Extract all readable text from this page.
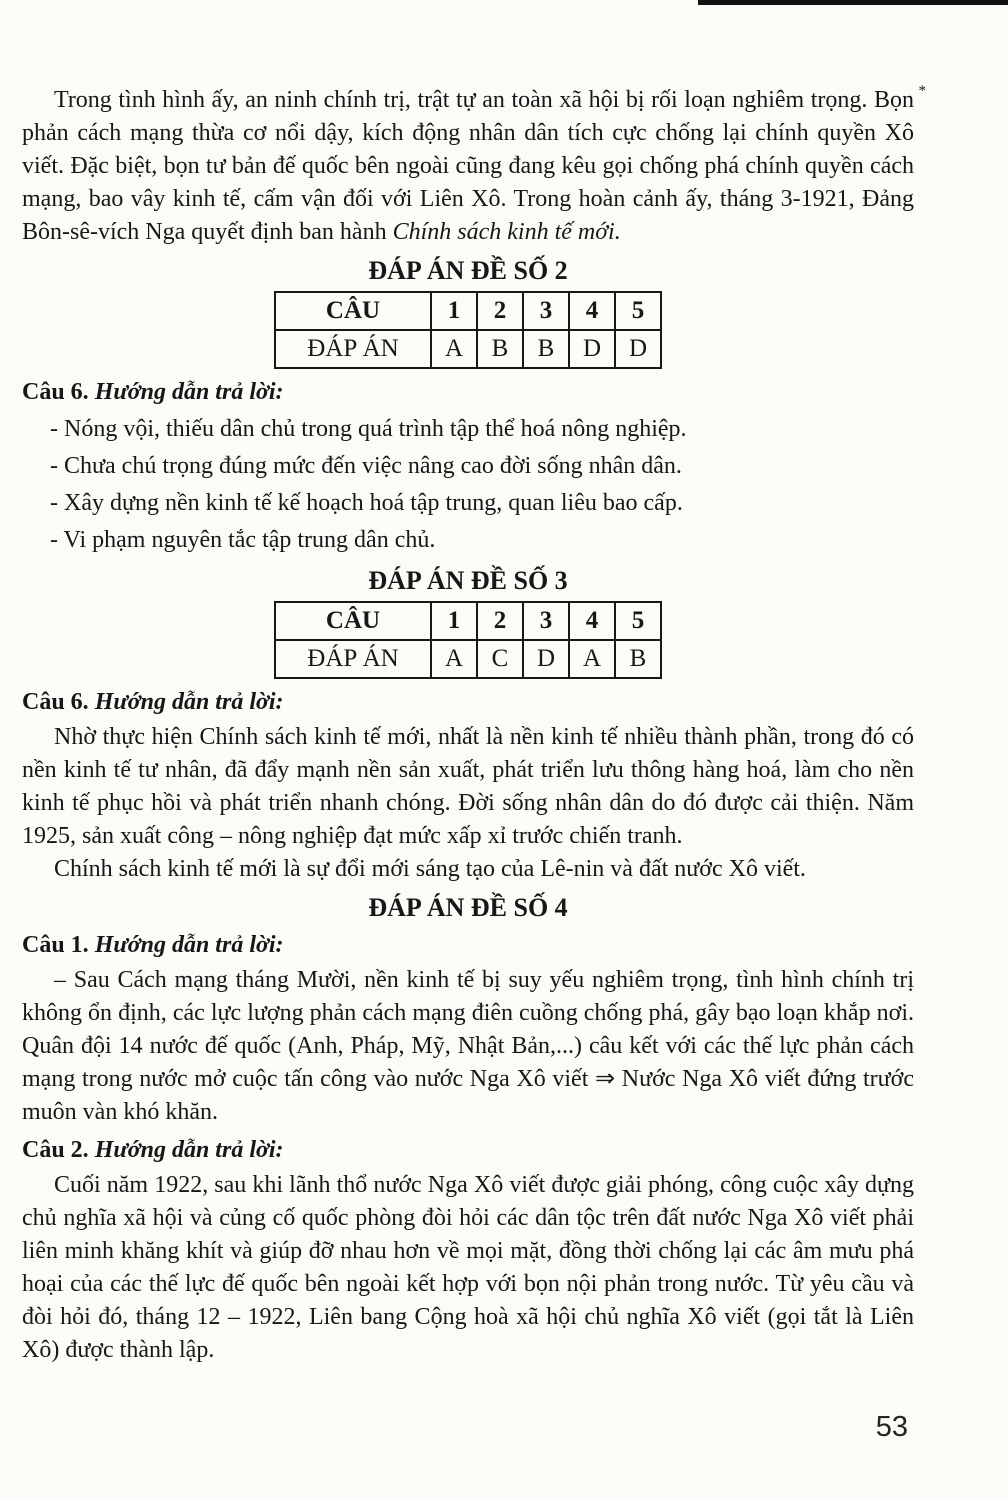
Trong tình hình ấy, an ninh chính trị, trật tự an toàn xã hội bị rối loạn nghiêm trọng. Bọn phản cách mạng thừa cơ nổi dậy, kích động nhân dân tích cực chống lại chính quyền Xô viết. Đặc biệt, bọn tư bản đế quốc bên ngoài cũng đang kêu gọi chống phá chính quyền cách mạng, bao vây kinh tế, cấm vận đối với Liên Xô. Trong hoàn cảnh ấy, tháng 3-1921, Đảng Bôn-sê-vích Nga quyết định ban hành Chính sách kinh tế mới.

*
ĐÁP ÁN ĐỀ SỐ 2
CÂU	1	2	3	4	5
ĐÁP ÁN	A	B	B	D	D

Câu 6. Hướng dẫn trả lời:

- Nóng vội, thiếu dân chủ trong quá trình tập thể hoá nông nghiệp.

- Chưa chú trọng đúng mức đến việc nâng cao đời sống nhân dân.

- Xây dựng nền kinh tế kế hoạch hoá tập trung, quan liêu bao cấp.

- Vi phạm nguyên tắc tập trung dân chủ.

ĐÁP ÁN ĐỀ SỐ 3
CÂU	1	2	3	4	5
ĐÁP ÁN	A	C	D	A	B

Câu 6. Hướng dẫn trả lời:

Nhờ thực hiện Chính sách kinh tế mới, nhất là nền kinh tế nhiều thành phần, trong đó có nền kinh tế tư nhân, đã đẩy mạnh nền sản xuất, phát triển lưu thông hàng hoá, làm cho nền kinh tế phục hồi và phát triển nhanh chóng. Đời sống nhân dân do đó được cải thiện. Năm 1925, sản xuất công – nông nghiệp đạt mức xấp xỉ trước chiến tranh.

Chính sách kinh tế mới là sự đổi mới sáng tạo của Lê-nin và đất nước Xô viết.

ĐÁP ÁN ĐỀ SỐ 4

Câu 1. Hướng dẫn trả lời:

– Sau Cách mạng tháng Mười, nền kinh tế bị suy yếu nghiêm trọng, tình hình chính trị không ổn định, các lực lượng phản cách mạng điên cuồng chống phá, gây bạo loạn khắp nơi. Quân đội 14 nước đế quốc (Anh, Pháp, Mỹ, Nhật Bản,...) câu kết với các thế lực phản cách mạng trong nước mở cuộc tấn công vào nước Nga Xô viết ⇒ Nước Nga Xô viết đứng trước muôn vàn khó khăn.

Câu 2. Hướng dẫn trả lời:

Cuối năm 1922, sau khi lãnh thổ nước Nga Xô viết được giải phóng, công cuộc xây dựng chủ nghĩa xã hội và củng cố quốc phòng đòi hỏi các dân tộc trên đất nước Nga Xô viết phải liên minh khăng khít và giúp đỡ nhau hơn về mọi mặt, đồng thời chống lại các âm mưu phá hoại của các thế lực đế quốc bên ngoài kết hợp với bọn nội phản trong nước. Từ yêu cầu và đòi hỏi đó, tháng 12 – 1922, Liên bang Cộng hoà xã hội chủ nghĩa Xô viết (gọi tắt là Liên Xô) được thành lập.

53
